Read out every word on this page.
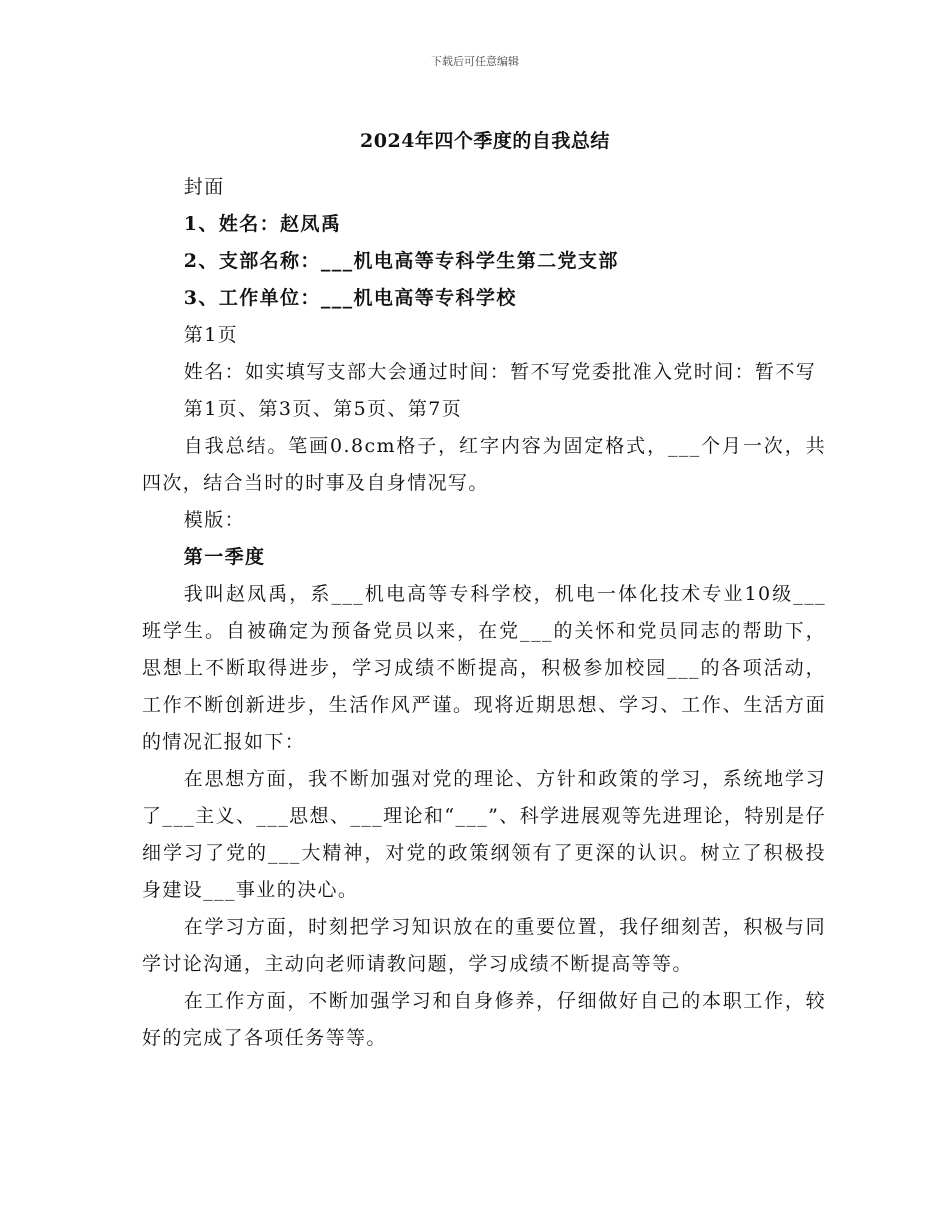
下载后可任意编辑
2024年四个季度的自我总结

封面

1、姓名：赵凤禹

2、支部名称：___机电高等专科学生第二党支部

3、工作单位：___机电高等专科学校

第1页

姓名：如实填写支部大会通过时间：暂不写党委批准入党时间：暂不写

第1页、第3页、第5页、第7页

自我总结。笔画0.8cm格子，红字内容为固定格式，___个月一次，共四次，结合当时的时事及自身情况写。

模版：

第一季度

我叫赵凤禹，系___机电高等专科学校，机电一体化技术专业10级___班学生。自被确定为预备党员以来，在党___的关怀和党员同志的帮助下，思想上不断取得进步，学习成绩不断提高，积极参加校园___的各项活动，工作不断创新进步，生活作风严谨。现将近期思想、学习、工作、生活方面的情况汇报如下：

在思想方面，我不断加强对党的理论、方针和政策的学习，系统地学习了___主义、___思想、___理论和“___”、科学进展观等先进理论，特别是仔细学习了党的___大精神，对党的政策纲领有了更深的认识。树立了积极投身建设___事业的决心。

在学习方面，时刻把学习知识放在的重要位置，我仔细刻苦，积极与同学讨论沟通，主动向老师请教问题，学习成绩不断提高等等。

在工作方面，不断加强学习和自身修养，仔细做好自己的本职工作，较好的完成了各项任务等等。
